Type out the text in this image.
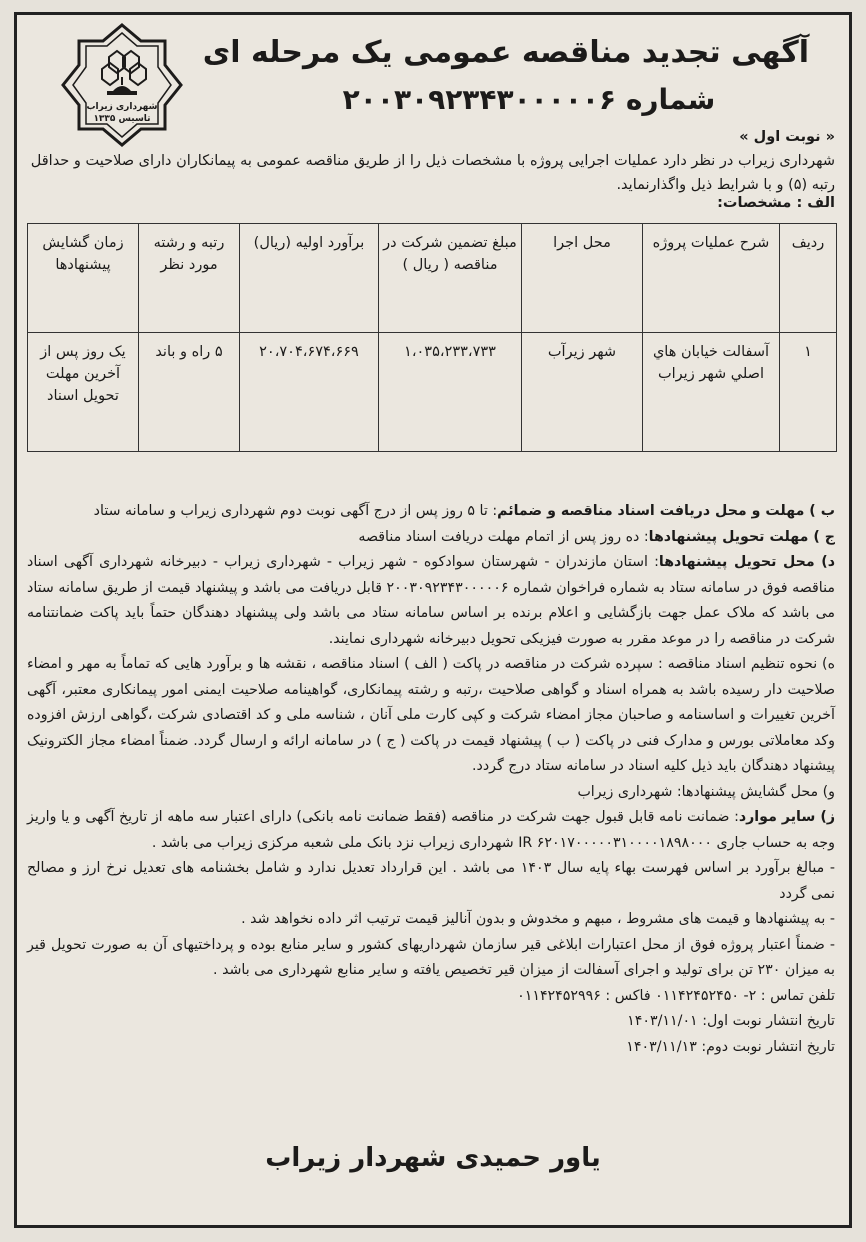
شهرداری زیراب
تاسیس ۱۳۳۵
آگهی تجدید مناقصه عمومی یک مرحله ای
شماره ۲۰۰۳۰۹۲۳۴۳۰۰۰۰۰۶
« نوبت اول »
شهرداری زیراب در نظر دارد عملیات اجرایی پروژه با مشخصات ذیل را از طریق مناقصه عمومی به پیمانکاران دارای صلاحیت و حداقل رتبه (۵) و با شرایط ذیل واگذارنماید.
الف : مشخصات:
ردیف	شرح عملیات پروژه	محل اجرا	مبلغ تضمین شرکت در مناقصه ( ریال )	برآورد اولیه (ریال)	رتبه و رشته مورد نظر	زمان گشایش پیشنهادها
۱	آسفالت خيابان هاي اصلي شهر زيراب	شهر زیرآب	۱،۰۳۵،۲۳۳،۷۳۳	۲۰،۷۰۴،۶۷۴،۶۶۹	۵ راه و باند	یک روز پس از آخرین مهلت تحویل اسناد

ب ) مهلت و محل دریافت اسناد مناقصه و ضمائم: تا ۵ روز پس از درج آگهی نوبت دوم شهرداری زیراب و سامانه ستاد

ج ) مهلت تحویل پیشنهادها: ده روز پس از اتمام مهلت دریافت اسناد مناقصه

د) محل تحویل پیشنهادها: استان مازندران - شهرستان سوادکوه - شهر زیراب - شهرداری زیراب - دبیرخانه شهرداری آگهی اسناد مناقصه فوق در سامانه ستاد به شماره فراخوان شماره ۲۰۰۳۰۹۲۳۴۳۰۰۰۰۰۶ قابل دریافت می باشد و پیشنهاد قیمت از طریق سامانه ستاد می باشد که ملاک عمل جهت بازگشایی و اعلام برنده بر اساس سامانه ستاد می باشد ولی پیشنهاد دهندگان حتماً باید پاکت ضمانتنامه شرکت در مناقصه را در موعد مقرر به صورت فیزیکی تحویل دبیرخانه شهرداری نمایند.

ه) نحوه تنظیم اسناد مناقصه : سپرده شرکت در مناقصه در پاکت ( الف ) اسناد مناقصه ، نقشه ها و برآورد هایی که تماماً به مهر و امضاء صلاحیت دار رسیده باشد به همراه اسناد و گواهی صلاحیت ،رتبه و رشته پیمانکاری، گواهینامه صلاحیت ایمنی امور پیمانکاری معتبر، آگهی آخرین تغییرات و اساسنامه و صاحبان مجاز امضاء شرکت و کپی کارت ملی آنان ، شناسه ملی و کد اقتصادی شرکت ،گواهی ارزش افزوده وکد معاملاتی بورس و مدارک فنی در پاکت ( ب ) پیشنهاد قیمت در پاکت ( ج ) در سامانه ارائه و ارسال گردد. ضمناً امضاء مجاز الکترونیک پیشنهاد دهندگان باید ذیل کلیه اسناد در سامانه ستاد درج گردد.

و) محل گشایش پیشنهادها: شهرداری زیراب

ز) سایر موارد: ضمانت نامه قابل قبول جهت شرکت در مناقصه (فقط ضمانت نامه بانکی) دارای اعتبار سه ماهه از تاریخ آگهی و یا واریز وجه به حساب جاری IR ۶۲۰۱۷۰۰۰۰۰۳۱۰۰۰۰۱۸۹۸۰۰۰ شهرداری زیراب نزد بانک ملی شعبه مرکزی زیراب می باشد .

- مبالغ برآورد بر اساس فهرست بهاء پایه سال ۱۴۰۳ می باشد . این قرارداد تعدیل ندارد و شامل بخشنامه های تعدیل نرخ ارز و مصالح نمی گردد

- به پیشنهادها و قیمت های مشروط ، مبهم و مخدوش و بدون آنالیز قیمت ترتیب اثر داده نخواهد شد .

- ضمناً اعتبار پروژه فوق از محل اعتبارات ابلاغی قیر سازمان شهرداریهای کشور و سایر منابع بوده و پرداختیهای آن به صورت تحویل قیر به میزان ۲۳۰ تن برای تولید و اجرای آسفالت از میزان قیر تخصیص یافته و سایر منابع شهرداری می باشد .

تلفن تماس : ۲- ۰۱۱۴۲۴۵۲۴۵۰ فاکس : ۰۱۱۴۲۴۵۲۹۹۶

تاریخ انتشار نوبت اول: ۱۴۰۳/۱۱/۰۱

تاریخ انتشار نوبت دوم: ۱۴۰۳/۱۱/۱۳

یاور حمیدی شهردار زیراب
